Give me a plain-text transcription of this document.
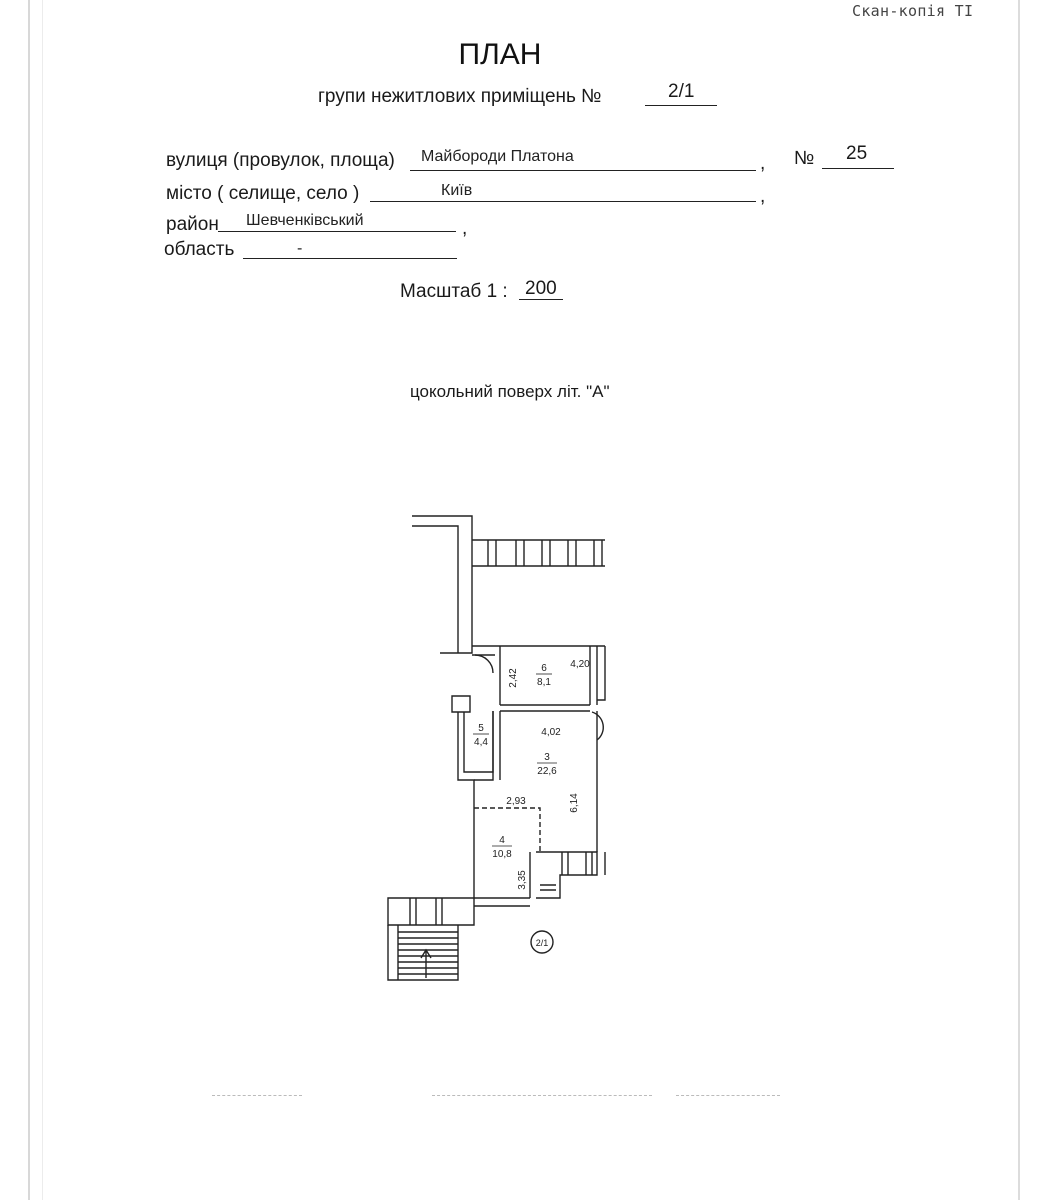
Скан-копія ТІ
ПЛАН
групи нежитлових приміщень №	2/1
вулиця (провулок, площа) Майбороди Платона	, № 25
місто ( селище, село )	Київ	,
район Шевченківський	,
область	-
Масштаб 1 : 200
цокольний поверх літ. "А"
6
8,1
5
4,4
3
22,6
4
10,8
4,20
2,42
4,02
6,14
2,93
3,35
2/1
